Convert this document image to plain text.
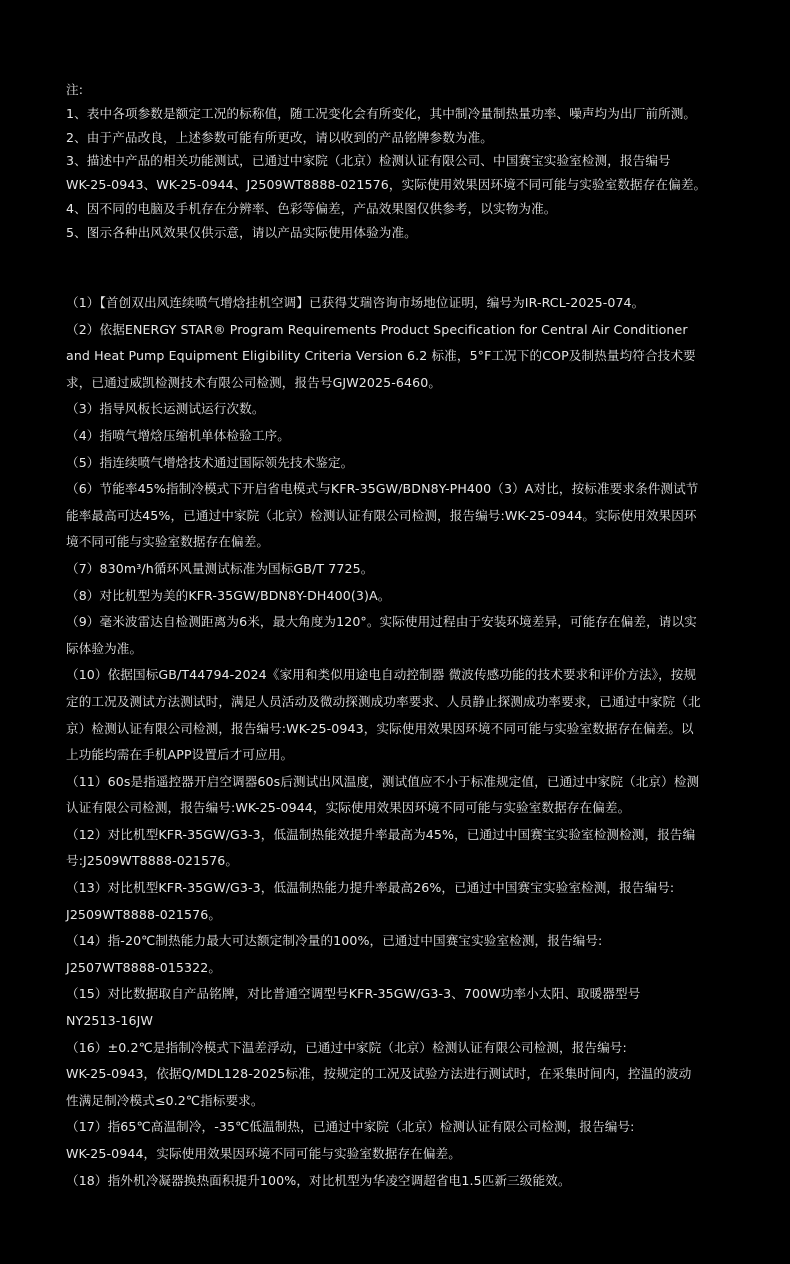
注:
1、表中各项参数是额定工况的标称值，随工况变化会有所变化，其中制冷量制热量功率、噪声均为出厂前所测。
2、由于产品改良，上述参数可能有所更改，请以收到的产品铭牌参数为准。
3、描述中产品的相关功能测试，已通过中家院（北京）检测认证有限公司、中国赛宝实验室检测，报告编号
WK-25-0943、WK-25-0944、J2509WT8888-021576，实际使用效果因环境不同可能与实验室数据存在偏差。
4、因不同的电脑及手机存在分辨率、色彩等偏差，产品效果图仅供参考，以实物为准。
5、图示各种出风效果仅供示意，请以产品实际使用体验为准。
（1）【首创双出风连续喷气增焓挂机空调】已获得艾瑞咨询市场地位证明，编号为IR-RCL-2025-074。
（2）依据ENERGY STAR® Program Requirements Product Specification for Central Air Conditioner
and Heat Pump Equipment Eligibility Criteria Version 6.2 标准，5°F工况下的COP及制热量均符合技术要
求，已通过威凯检测技术有限公司检测，报告号GJW2025-6460。
（3）指导风板长运测试运行次数。
（4）指喷气增焓压缩机单体检验工序。
（5）指连续喷气增焓技术通过国际领先技术鉴定。
（6）节能率45%指制冷模式下开启省电模式与KFR-35GW/BDN8Y-PH400（3）A对比，按标准要求条件测试节
能率最高可达45%，已通过中家院（北京）检测认证有限公司检测，报告编号:WK-25-0944。实际使用效果因环
境不同可能与实验室数据存在偏差。
（7）830m³/h循环风量测试标准为国标GB/T 7725。
（8）对比机型为美的KFR-35GW/BDN8Y-DH400(3)A。
（9）毫米波雷达自检测距离为6米，最大角度为120°。实际使用过程由于安装环境差异，可能存在偏差，请以实
际体验为准。
（10）依据国标GB/T44794-2024《家用和类似用途电自动控制器 微波传感功能的技术要求和评价方法》，按规
定的工况及测试方法测试时，满足人员活动及微动探测成功率要求、人员静止探测成功率要求，已通过中家院（北
京）检测认证有限公司检测，报告编号:WK-25-0943，实际使用效果因环境不同可能与实验室数据存在偏差。以
上功能均需在手机APP设置后才可应用。
（11）60s是指遥控器开启空调器60s后测试出风温度，测试值应不小于标准规定值，已通过中家院（北京）检测
认证有限公司检测，报告编号:WK-25-0944，实际使用效果因环境不同可能与实验室数据存在偏差。
（12）对比机型KFR-35GW/G3-3，低温制热能效提升率最高为45%，已通过中国赛宝实验室检测检测，报告编
号:J2509WT8888-021576。
（13）对比机型KFR-35GW/G3-3，低温制热能力提升率最高26%，已通过中国赛宝实验室检测，报告编号:
J2509WT8888-021576。
（14）指-20℃制热能力最大可达额定制冷量的100%，已通过中国赛宝实验室检测，报告编号:
J2507WT8888-015322。
（15）对比数据取自产品铭牌，对比普通空调型号KFR-35GW/G3-3、700W功率小太阳、取暖器型号
NY2513-16JW
（16）±0.2℃是指制冷模式下温差浮动，已通过中家院（北京）检测认证有限公司检测，报告编号:
WK-25-0943，依据Q/MDL128-2025标准，按规定的工况及试验方法进行测试时，在采集时间内，控温的波动
性满足制冷模式≤0.2℃指标要求。
（17）指65℃高温制冷，-35℃低温制热，已通过中家院（北京）检测认证有限公司检测，报告编号:
WK-25-0944，实际使用效果因环境不同可能与实验室数据存在偏差。
（18）指外机冷凝器换热面积提升100%，对比机型为华凌空调超省电1.5匹新三级能效。
